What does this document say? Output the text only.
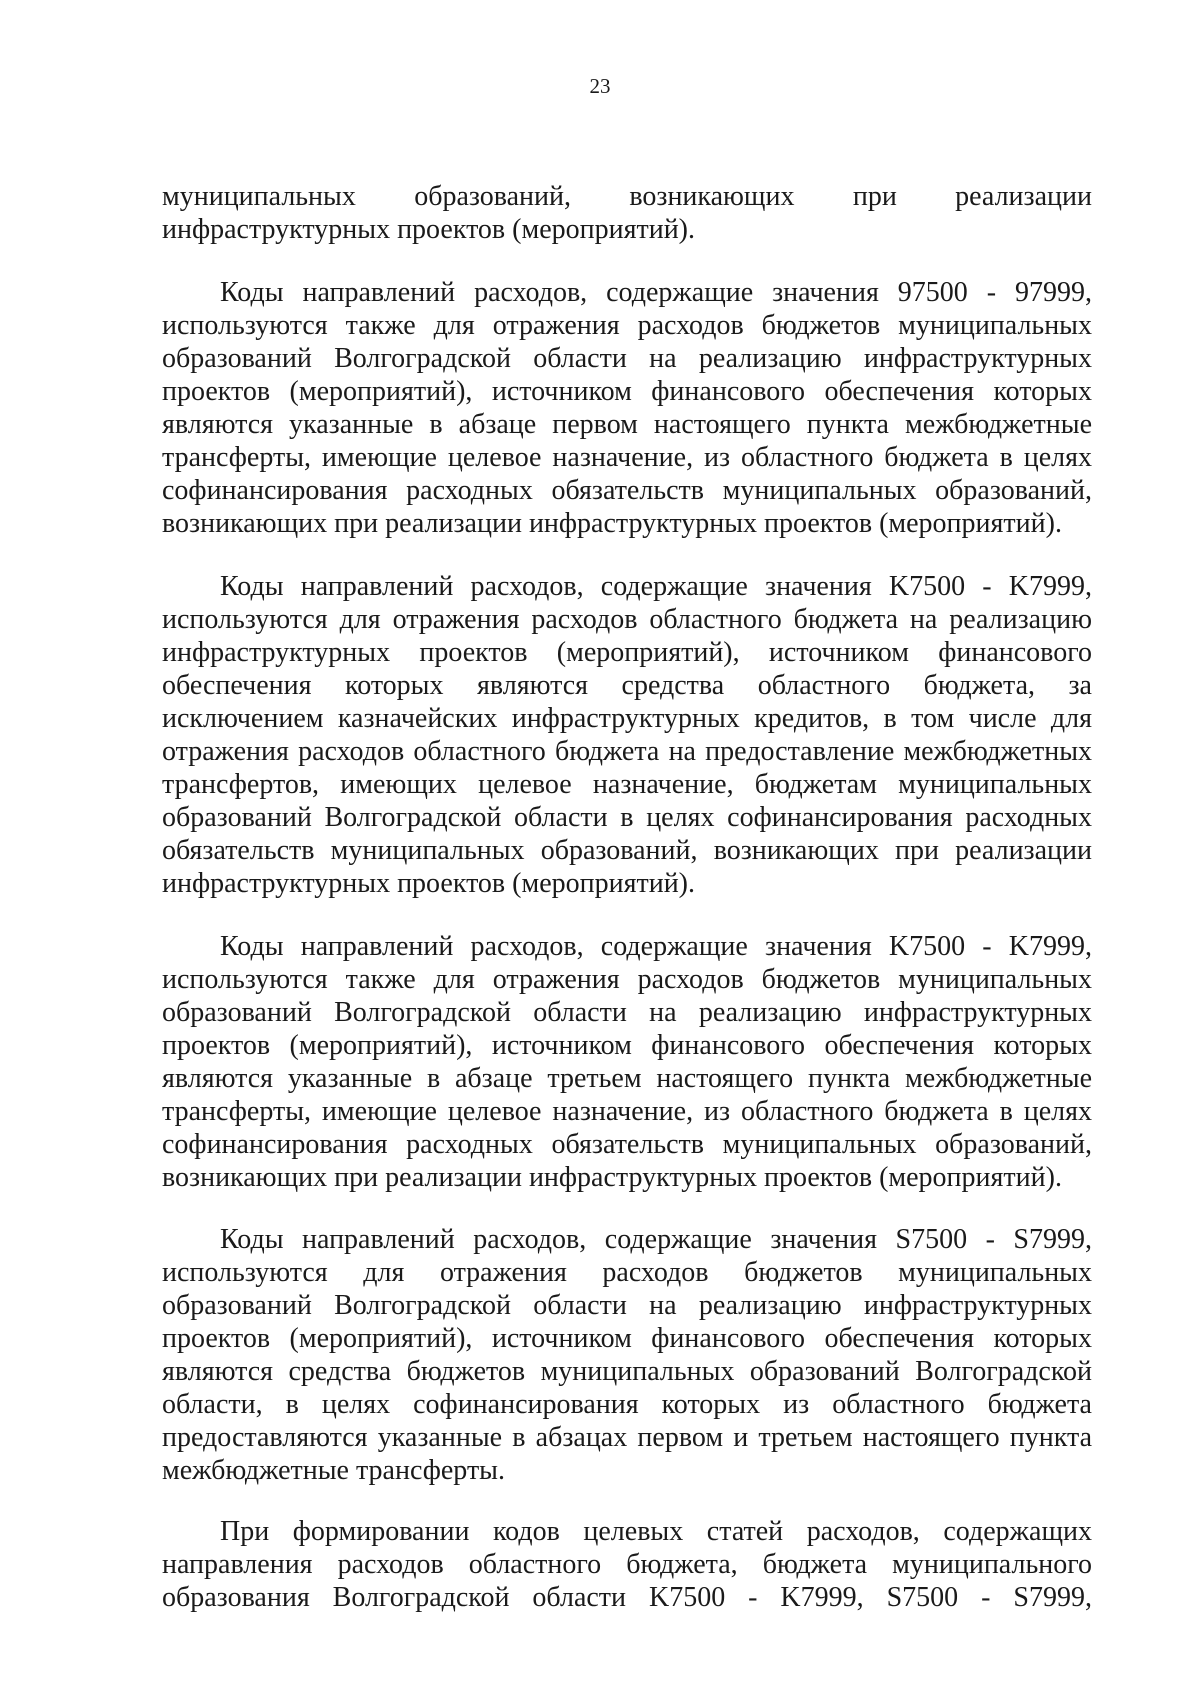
23

муниципальных образований, возникающих при реализации инфраструктурных проектов (мероприятий).

Коды направлений расходов, содержащие значения 97500 - 97999, используются также для отражения расходов бюджетов муниципальных образований Волгоградской области на реализацию инфраструктурных проектов (мероприятий), источником финансового обеспечения которых являются указанные в абзаце первом настоящего пункта межбюджетные трансферты, имеющие целевое назначение, из областного бюджета в целях софинансирования расходных обязательств муниципальных образований, возникающих при реализации инфраструктурных проектов (мероприятий).

Коды направлений расходов, содержащие значения K7500 - K7999, используются для отражения расходов областного бюджета на реализацию инфраструктурных проектов (мероприятий), источником финансового обеспечения которых являются средства областного бюджета, за исключением казначейских инфраструктурных кредитов, в том числе для отражения расходов областного бюджета на предоставление межбюджетных трансфертов, имеющих целевое назначение, бюджетам муниципальных образований Волгоградской области в целях софинансирования расходных обязательств муниципальных образований, возникающих при реализации инфраструктурных проектов (мероприятий).

Коды направлений расходов, содержащие значения K7500 - K7999, используются также для отражения расходов бюджетов муниципальных образований Волгоградской области на реализацию инфраструктурных проектов (мероприятий), источником финансового обеспечения которых являются указанные в абзаце третьем настоящего пункта межбюджетные трансферты, имеющие целевое назначение, из областного бюджета в целях софинансирования расходных обязательств муниципальных образований, возникающих при реализации инфраструктурных проектов (мероприятий).

Коды направлений расходов, содержащие значения S7500 - S7999, используются для отражения расходов бюджетов муниципальных образований Волгоградской области на реализацию инфраструктурных проектов (мероприятий), источником финансового обеспечения которых являются средства бюджетов муниципальных образований Волгоградской области, в целях софинансирования которых из областного бюджета предоставляются указанные в абзацах первом и третьем настоящего пункта межбюджетные трансферты.

При формировании кодов целевых статей расходов, содержащих направления расходов областного бюджета, бюджета муниципального образования Волгоградской области K7500 - K7999, S7500 - S7999,
